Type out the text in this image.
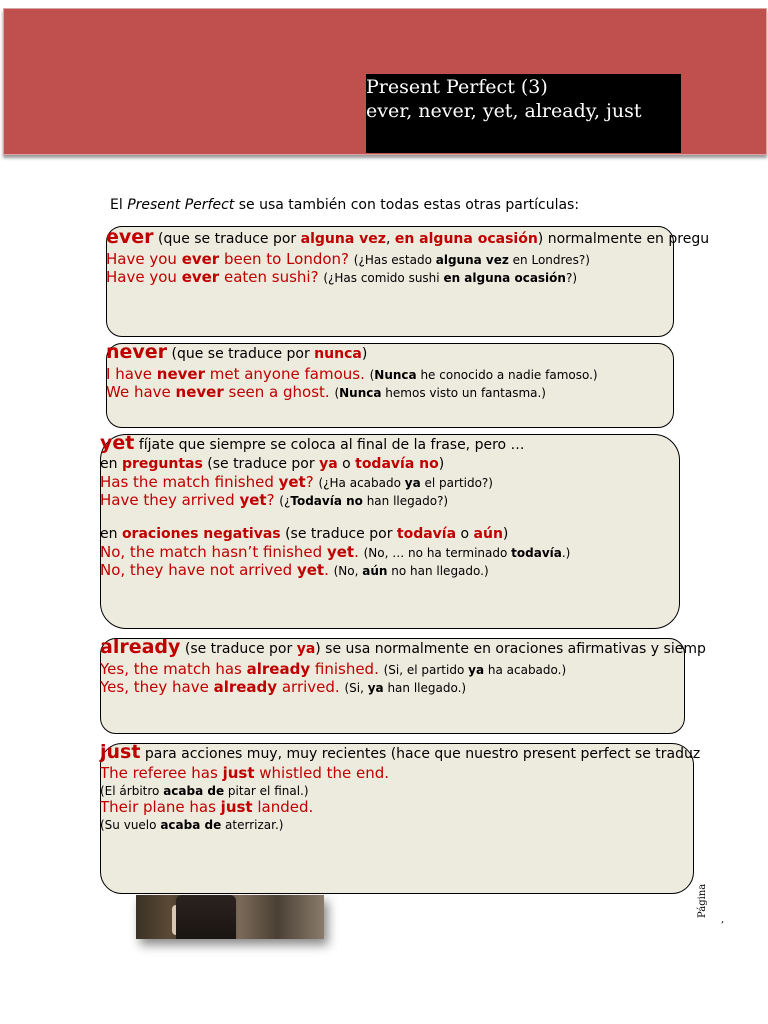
Present Perfect (3)
ever, never, yet, already, just
El Present Perfect se usa también con todas estas otras partículas:
ever (que se traduce por alguna vez, en alguna ocasión) normalmente en pregu
Have you ever been to London? (¿Has estado alguna vez en Londres?)
Have you ever eaten sushi? (¿Has comido sushi en alguna ocasión?)
never (que se traduce por nunca)
I have never met anyone famous. (Nunca he conocido a nadie famoso.)
We have never seen a ghost. (Nunca hemos visto un fantasma.)
yet fíjate que siempre se coloca al final de la frase, pero …
en preguntas (se traduce por ya o todavía no)
Has the match finished yet? (¿Ha acabado ya el partido?)
Have they arrived yet? (¿Todavía no han llegado?)
en oraciones negativas (se traduce por todavía o aún)
No, the match hasn’t finished yet. (No, … no ha terminado todavía.)
No, they have not arrived yet. (No, aún no han llegado.)
already (se traduce por ya) se usa normalmente en oraciones afirmativas y siemp
Yes, the match has already finished. (Si, el partido ya ha acabado.)
Yes, they have already arrived. (Si, ya han llegado.)
just para acciones muy, muy recientes (hace que nuestro present perfect se traduz
The referee has just whistled the end.
(El árbitro acaba de pitar el final.)
Their plane has just landed.
(Su vuelo acaba de aterrizar.)
Página
,
